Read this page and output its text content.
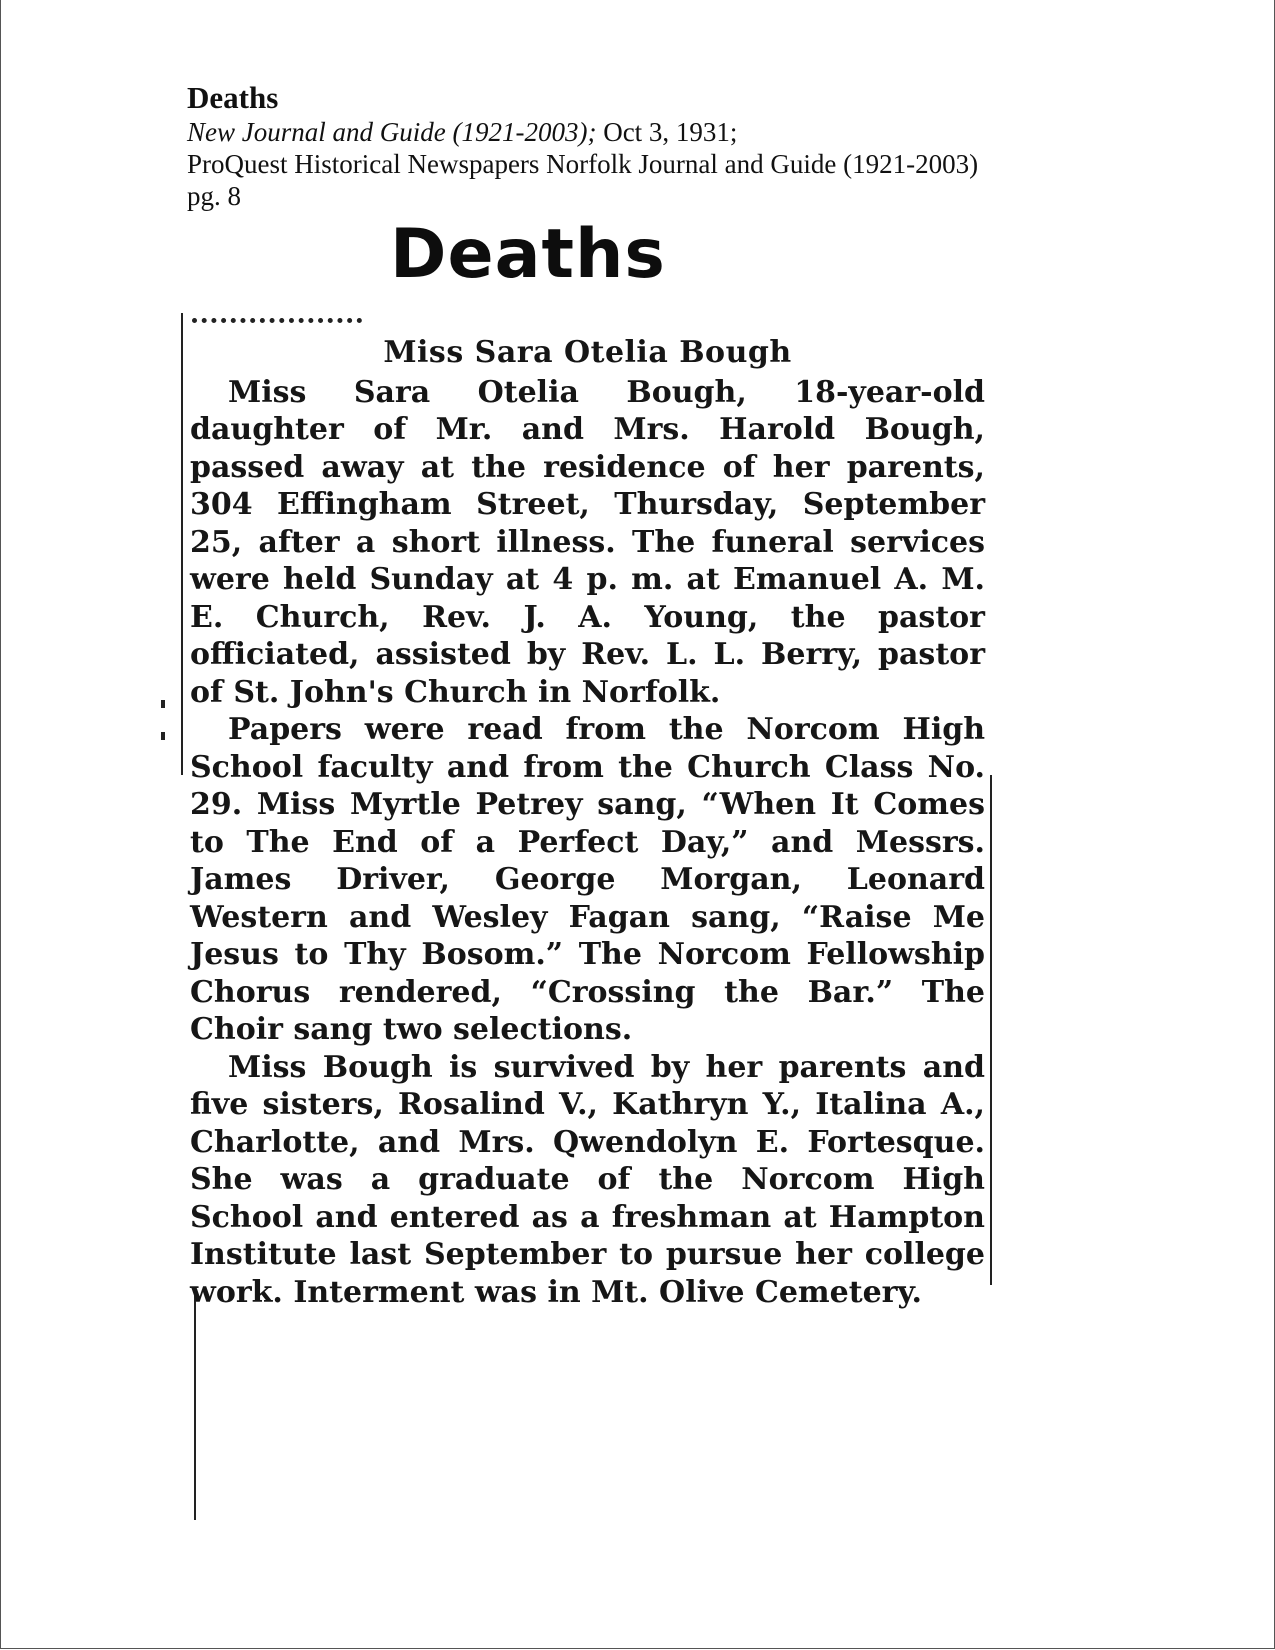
Deaths
New Journal and Guide (1921-2003); Oct 3, 1931;
ProQuest Historical Newspapers Norfolk Journal and Guide (1921-2003)
pg. 8
Deaths
Miss Sara Otelia Bough

Miss Sara Otelia Bough, 18-year-old daughter of Mr. and Mrs. Harold Bough, passed away at the residence of her parents, 304 Effingham Street, Thursday, September 25, after a short illness. The funeral services were held Sunday at 4 p. m. at Emanuel A. M. E. Church, Rev. J. A. Young, the pastor officiated, assisted by Rev. L. L. Berry, pastor of St. John's Church in Norfolk.

Papers were read from the Norcom High School faculty and from the Church Class No. 29. Miss Myrtle Petrey sang, “When It Comes to The End of a Perfect Day,” and Messrs. James Driver, George Morgan, Leonard Western and Wesley Fagan sang, “Raise Me Jesus to Thy Bosom.” The Norcom Fellowship Chorus rendered, “Crossing the Bar.” The Choir sang two selections.

Miss Bough is survived by her parents and five sisters, Rosalind V., Kathryn Y., Italina A., Charlotte, and Mrs. Qwendolyn E. Fortesque. She was a graduate of the Norcom High School and entered as a freshman at Hampton Institute last September to pursue her college work. Interment was in Mt. Olive Cemetery.
